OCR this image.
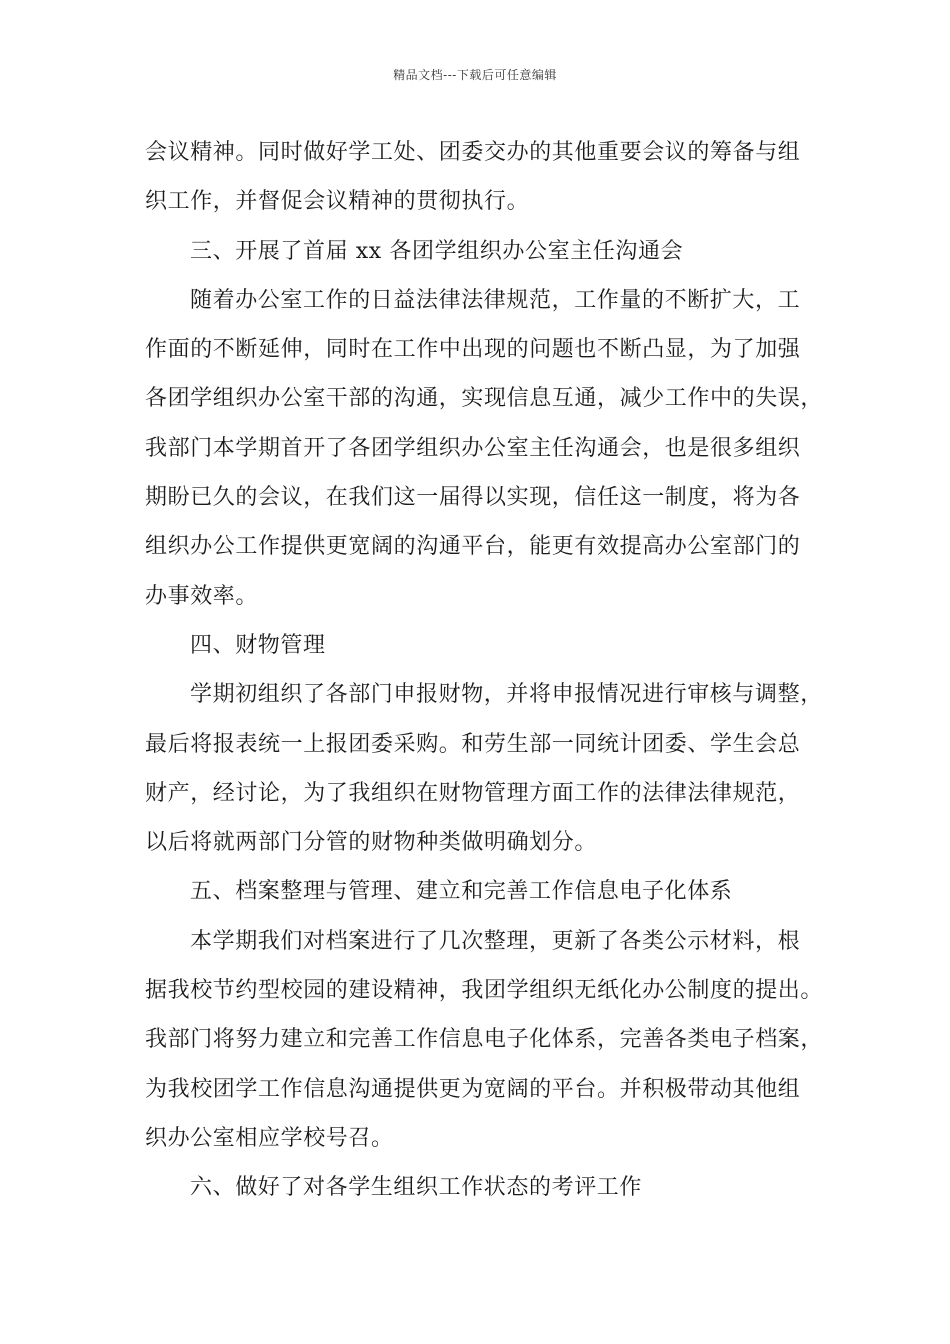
精品文档---下载后可任意编辑
会议精神。同时做好学工处、团委交办的其他重要会议的筹备与组
织工作，并督促会议精神的贯彻执行。
三、开展了首届 xx 各团学组织办公室主任沟通会
随着办公室工作的日益法律法律规范，工作量的不断扩大，工
作面的不断延伸，同时在工作中出现的问题也不断凸显，为了加强
各团学组织办公室干部的沟通，实现信息互通，减少工作中的失误，
我部门本学期首开了各团学组织办公室主任沟通会，也是很多组织
期盼已久的会议，在我们这一届得以实现，信任这一制度，将为各
组织办公工作提供更宽阔的沟通平台，能更有效提高办公室部门的
办事效率。
四、财物管理
学期初组织了各部门申报财物，并将申报情况进行审核与调整，
最后将报表统一上报团委采购。和劳生部一同统计团委、学生会总
财产，经讨论，为了我组织在财物管理方面工作的法律法律规范，
以后将就两部门分管的财物种类做明确划分。
五、档案整理与管理、建立和完善工作信息电子化体系
本学期我们对档案进行了几次整理，更新了各类公示材料，根
据我校节约型校园的建设精神，我团学组织无纸化办公制度的提出。
我部门将努力建立和完善工作信息电子化体系，完善各类电子档案，
为我校团学工作信息沟通提供更为宽阔的平台。并积极带动其他组
织办公室相应学校号召。
六、做好了对各学生组织工作状态的考评工作
